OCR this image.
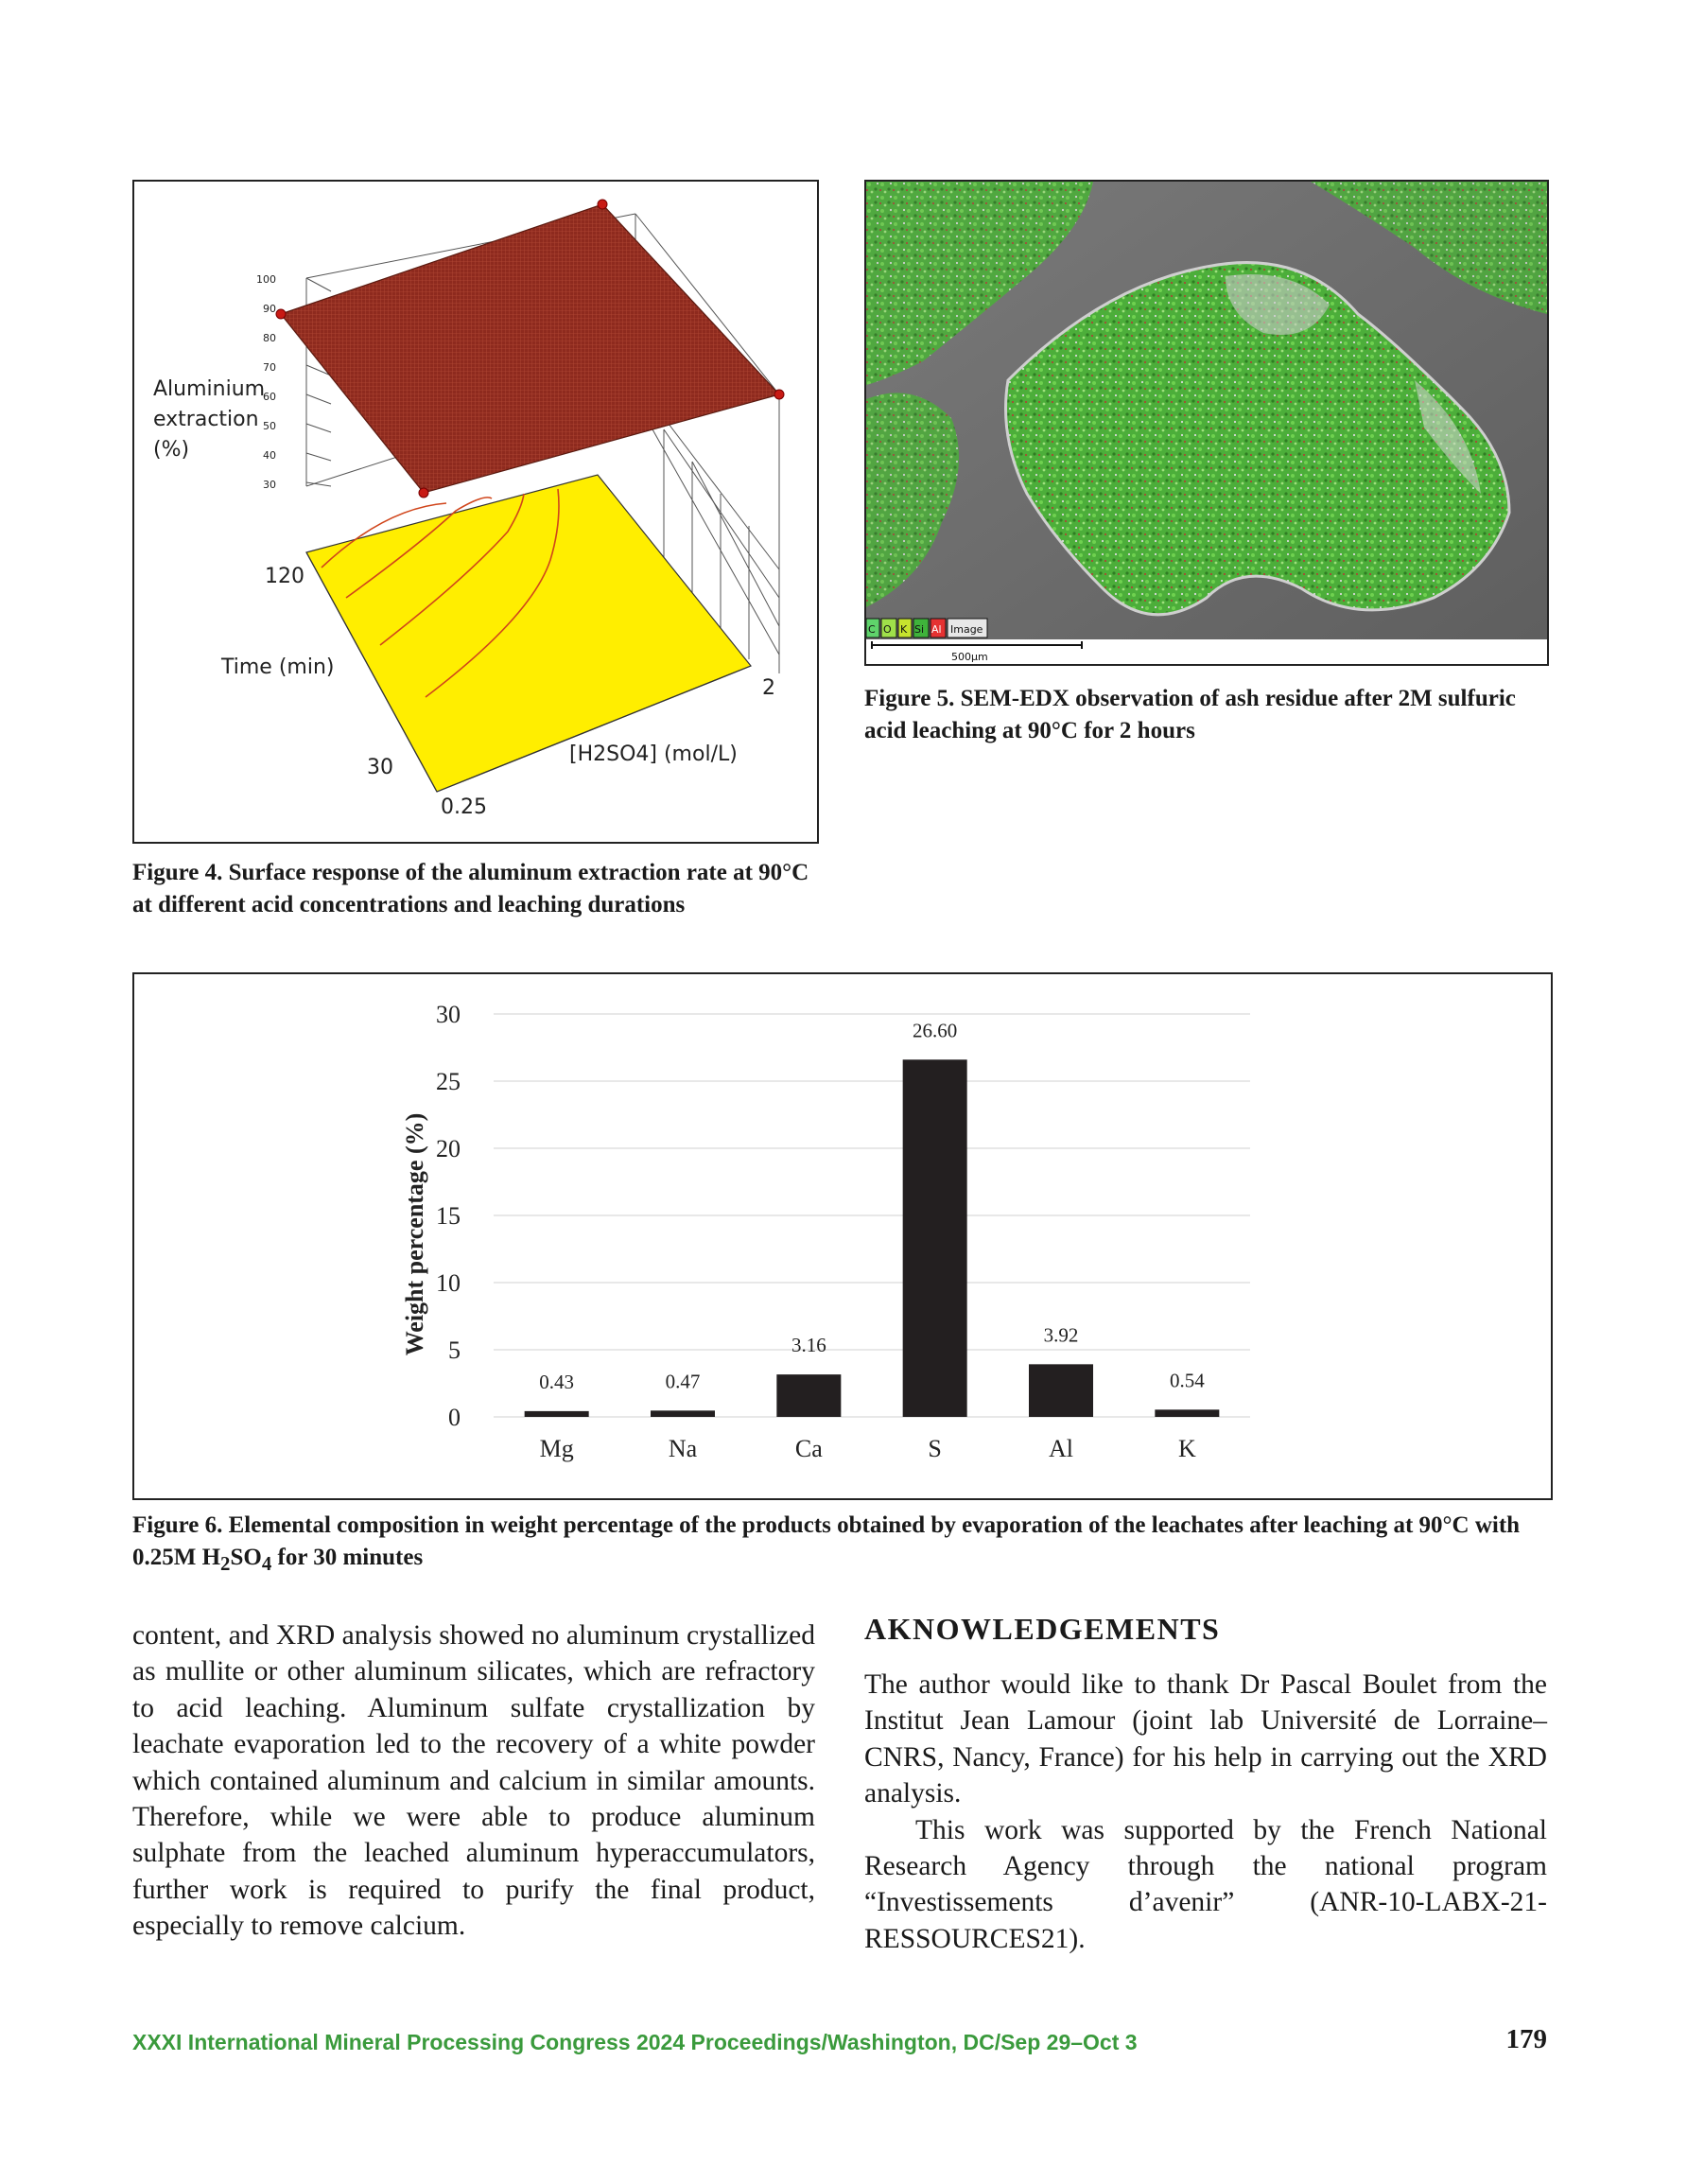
100
90
80
70
60
50
40
30
Aluminium
extraction
(%)
120
Time (min)
30
0.25
[H2SO4] (mol/L)
2
Figure 4. Surface response of the aluminum extraction rate at 90°C at different acid concentrations and leaching durations
C O K Si Al Image
500µm
Figure 5. SEM-EDX observation of ash residue after 2M sulfuric acid leaching at 90°C for 2 hours
0
5
10
15
20
25
30
0.43	0.47
3.16
26.60
3.92
0.54
Mg	Na	Ca	S	Al	K
Weight percentage (%)
Figure 6. Elemental composition in weight percentage of the products obtained by evaporation of the leachates after leaching at 90°C with 0.25M $H_2SO_4$ for 30 minutes
content, and XRD analysis showed no aluminum crystallized as mullite or other aluminum silicates, which are refractory to acid leaching. Aluminum sulfate crystallization by leachate evaporation led to the recovery of a white powder which contained aluminum and calcium in similar amounts. Therefore, while we were able to produce aluminum sulphate from the leached aluminum hyperaccumulators, further work is required to purify the final product, especially to remove calcium.
AKNOWLEDGEMENTS

The author would like to thank Dr Pascal Boulet from the Institut Jean Lamour (joint lab Université de Lorraine–CNRS, Nancy, France) for his help in carrying out the XRD analysis.

This work was supported by the French National Research Agency through the national program “Investissements d’avenir” (ANR-10-LABX-21-RESSOURCES21).

XXXI International Mineral Processing Congress 2024 Proceedings/Washington, DC/Sep 29–Oct 3	179
